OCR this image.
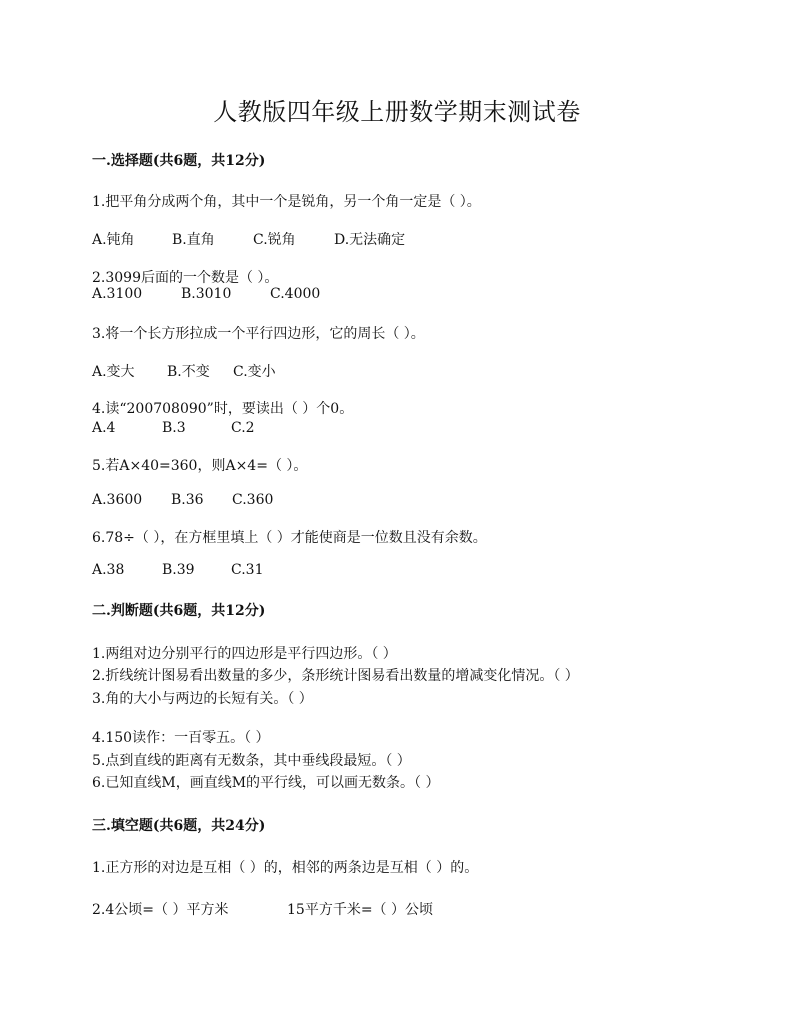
人教版四年级上册数学期末测试卷
一.选择题(共6题，共12分)
1.把平角分成两个角，其中一个是锐角，另一个角一定是（ ）。
A.钝角	B.直角	C.锐角	D.无法确定
2.3099后面的一个数是（ ）。
A.3100	B.3010	C.4000
3.将一个长方形拉成一个平行四边形，它的周长（ ）。
A.变大 B.不变 C.变小
4.读“200708090”时，要读出（ ）个0。
A.4	B.3	C.2
5.若A×40=360，则A×4=（ ）。
A.3600 B.36 C.360
6.78÷（ ），在方框里填上（ ）才能使商是一位数且没有余数。
A.38	B.39	C.31
二.判断题(共6题，共12分)
1.两组对边分别平行的四边形是平行四边形。（ ）
2.折线统计图易看出数量的多少，条形统计图易看出数量的增减变化情况。（ ）
3.角的大小与两边的长短有关。（ ）
4.150读作：一百零五。（ ）
5.点到直线的距离有无数条，其中垂线段最短。（ ）
6.已知直线M，画直线M的平行线，可以画无数条。（ ）
三.填空题(共6题，共24分)
1.正方形的对边是互相（ ）的，相邻的两条边是互相（ ）的。
2.4公顷=（ ）平方米	15平方千米=（ ）公顷
